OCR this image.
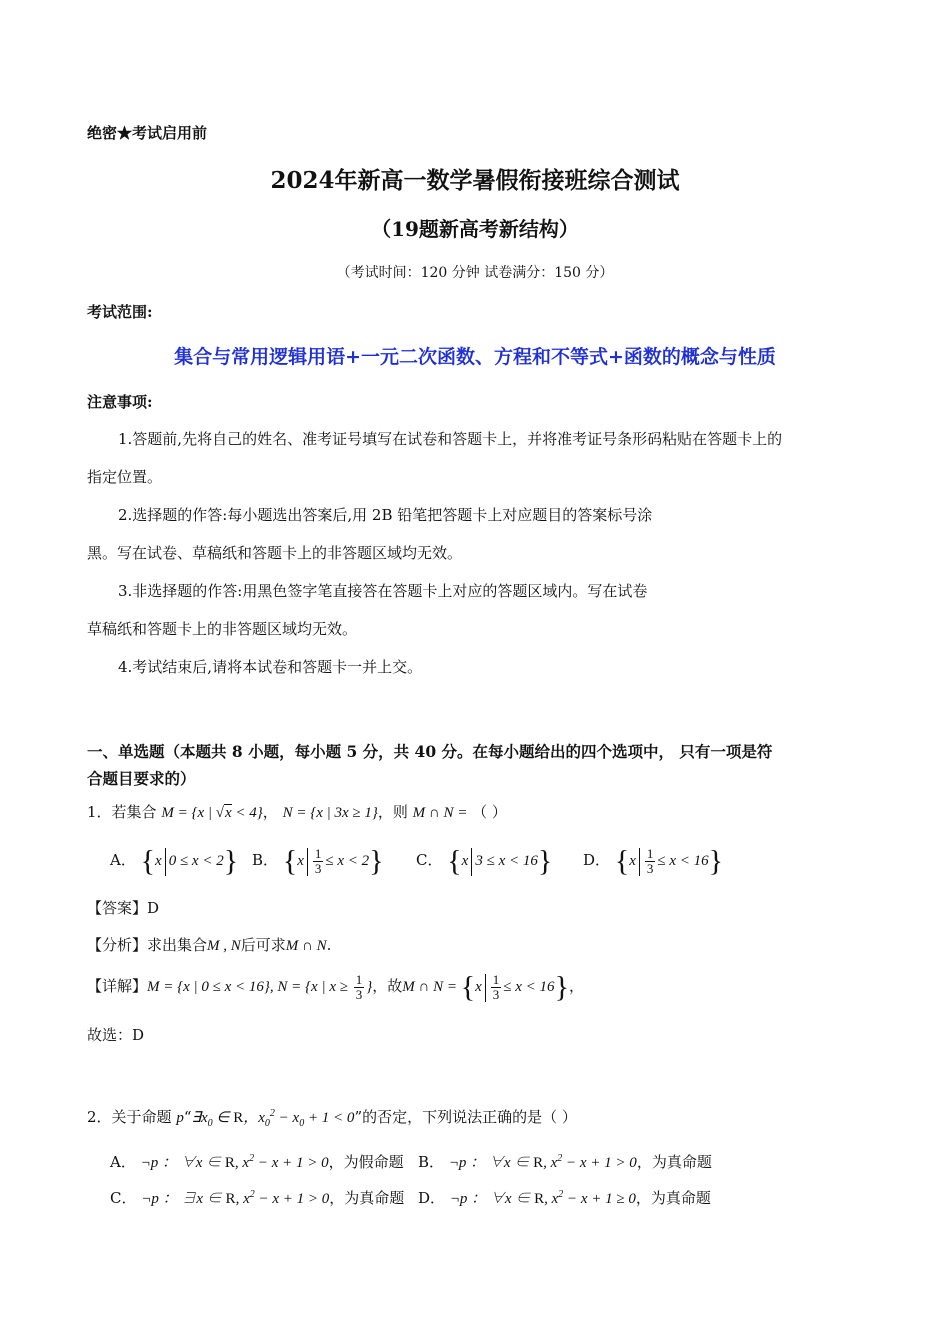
绝密★考试启用前
2024年新高一数学暑假衔接班综合测试
（19题新高考新结构）
（考试时间：120 分钟 试卷满分：150 分）
考试范围:
集合与常用逻辑用语+一元二次函数、方程和不等式+函数的概念与性质
注意事项:
1.答题前,先将自己的姓名、准考证号填写在试卷和答题卡上，并将准考证号条形码粘贴在答题卡上的
指定位置。
2.选择题的作答:每小题选出答案后,用 2B 铅笔把答题卡上对应题目的答案标号涂
黑。写在试卷、草稿纸和答题卡上的非答题区域均无效。
3.非选择题的作答:用黑色签字笔直接答在答题卡上对应的答题区域内。写在试卷
草稿纸和答题卡上的非答题区域均无效。
4.考试结束后,请将本试卷和答题卡一并上交。
一、单选题（本题共 8 小题，每小题 5 分，共 40 分。在每小题给出的四个选项中， 只有一项是符
合题目要求的）
1．若集合 M = {x | √x < 4}， N = {x | 3x ≥ 1}，则 M ∩ N = （ ）
A． {x 0 ≤ x < 2} B． $\{x \frac{1}{3} \le x < 2\}$ C． {x 3 ≤ x < 16} D． $\{x \frac{1}{3} \le x < 16\}$
【答案】D
【分析】求出集合M , N后可求M ∩ N.
【详解】M = {x | 0 ≤ x < 16}, N = {x | $x \ge \frac{1}{3}$ }，故M ∩ $N = \{x \frac{1}{3} \le x < 16\}$，
故选：D
2．关于命题 $p“\exists x_0$ ∈ R，$x_0^2 - x_0 + 1 < 0$”的否定，下列说法正确的是（ ）
A． ¬p ： ∀x ∈ R, $x^2 - x + 1 > 0$，为假命题 B． ¬p ： ∀x ∈ R, $x^2 - x + 1 > 0$，为真命题
C． ¬p ： ∃x ∈ R, $x^2 - x + 1 > 0$，为真命题 D． ¬p ： ∀x ∈ R, $x^2 - x + 1 \ge 0$，为真命题
